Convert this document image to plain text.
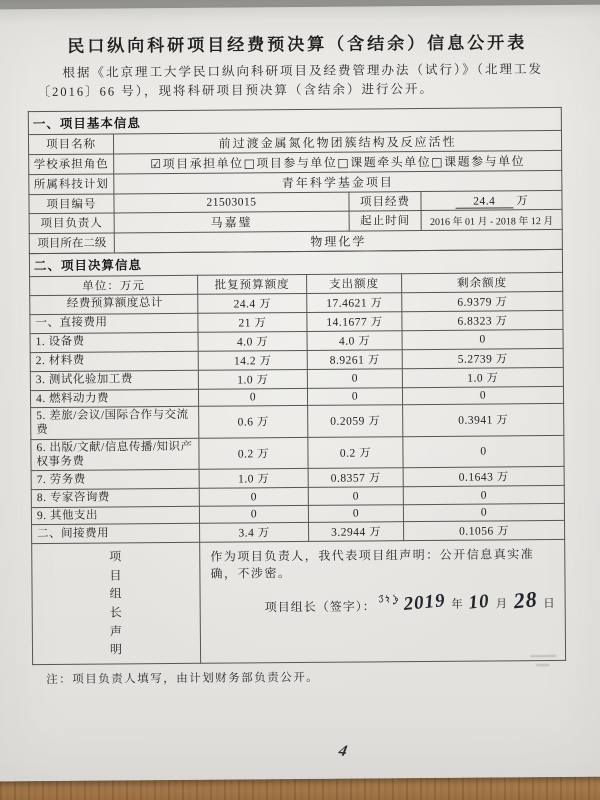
民口纵向科研项目经费预决算（含结余）信息公开表

根据《北京理工大学民口纵向科研项目及经费管理办法（试行）》（北理工发〔2016〕66 号），现将科研项目预决算（含结余）进行公开。

一、项目基本信息			
项目名称	前过渡金属氮化物团簇结构及反应活性		
学校承担角色	☑项目承担单位□项目参与单位□课题牵头单位□课题参与单位		
所属科技计划	青年科学基金项目		
项目编号	21503015	项目经费	24.4 万
项目负责人	马嘉璧	起止时间	2016 年 01 月 - 2018 年 12 月
项目所在二级	物理化学		
二、项目决算信息			
单位：万元	批复预算额度	支出额度	剩余额度
经费预算额度总计	24.4 万	17.4621 万	6.9379 万
一、直接费用	21 万	14.1677 万	6.8323 万
1. 设备费	4.0 万	4.0 万	0
2. 材料费	14.2 万	8.9261 万	5.2739 万
3. 测试化验加工费	1.0 万	0	1.0 万
4. 燃料动力费	0	0	0
5. 差旅/会议/国际合作与交流费	0.6 万	0.2059 万	0.3941 万
6. 出版/文献/信息传播/知识产权事务费	0.2 万	0.2 万	0
7. 劳务费	1.0 万	0.8357 万	0.1643 万
8. 专家咨询费	0	0	0
9. 其他支出	0	0	0
二、间接费用	3.4 万	3.2944 万	0.1056 万

项目组长声明

作为项目负责人，我代表项目组声明：公开信息真实准确，不涉密。
项目组长（签字）： 2019 年 10 月 28 日
注：项目负责人填写，由计划财务部负责公开。
4
